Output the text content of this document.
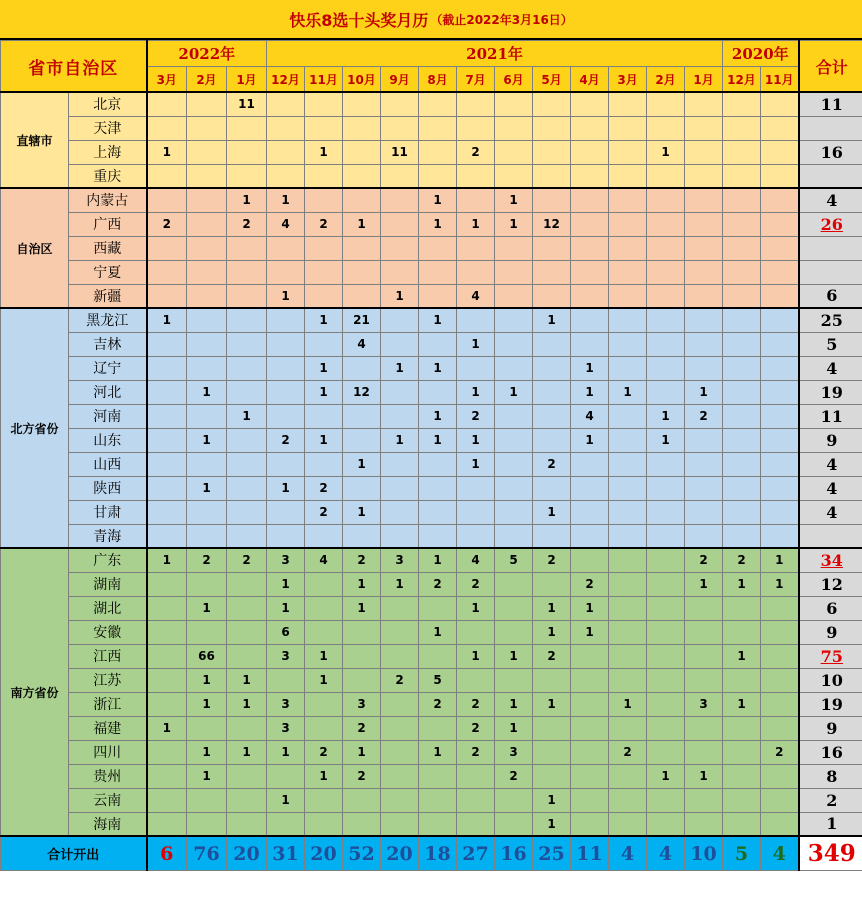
快乐8选十头奖月历 （截止2022年3月16日）
省市自治区		2022年			2021年												2020年		合计
		3月	2月	1月	12月	11月	10月	9月	8月	7月	6月	5月	4月	3月	2月	1月	12月	11月	
直辖市	北京			11															11
	天津																		
	上海	1				1		11		2					1				16
	重庆																		
自治区	内蒙古			1	1				1		1								4
	广西	2		2	4	2	1		1	1	1	12							26
	西藏																		
	宁夏																		
	新疆				1			1		4									6
北方省份	黑龙江	1				1	21		1			1							25
	吉林						4			1									5
	辽宁					1		1	1				1						4
	河北		1			1	12			1	1		1	1		1			19
	河南			1					1	2			4		1	2			11
	山东		1		2	1		1	1	1			1		1				9
	山西						1			1		2							4
	陕西		1		1	2													4
	甘肃					2	1					1							4
	青海																		
南方省份	广东	1	2	2	3	4	2	3	1	4	5	2				2	2	1	34
	湖南				1		1	1	2	2			2			1	1	1	12
	湖北		1		1		1			1		1	1						6
	安徽				6				1			1	1						9
	江西		66		3	1				1	1	2					1		75
	江苏		1	1		1		2	5										10
	浙江		1	1	3		3		2	2	1	1		1		3	1		19
	福建	1			3		2			2	1								9
	四川		1	1	1	2	1		1	2	3			2				2	16
	贵州		1			1	2				2				1	1			8
	云南				1							1							2
	海南											1							1
合计开出		6	76	20	31	20	52	20	18	27	16	25	11	4	4	10	5	4	349
